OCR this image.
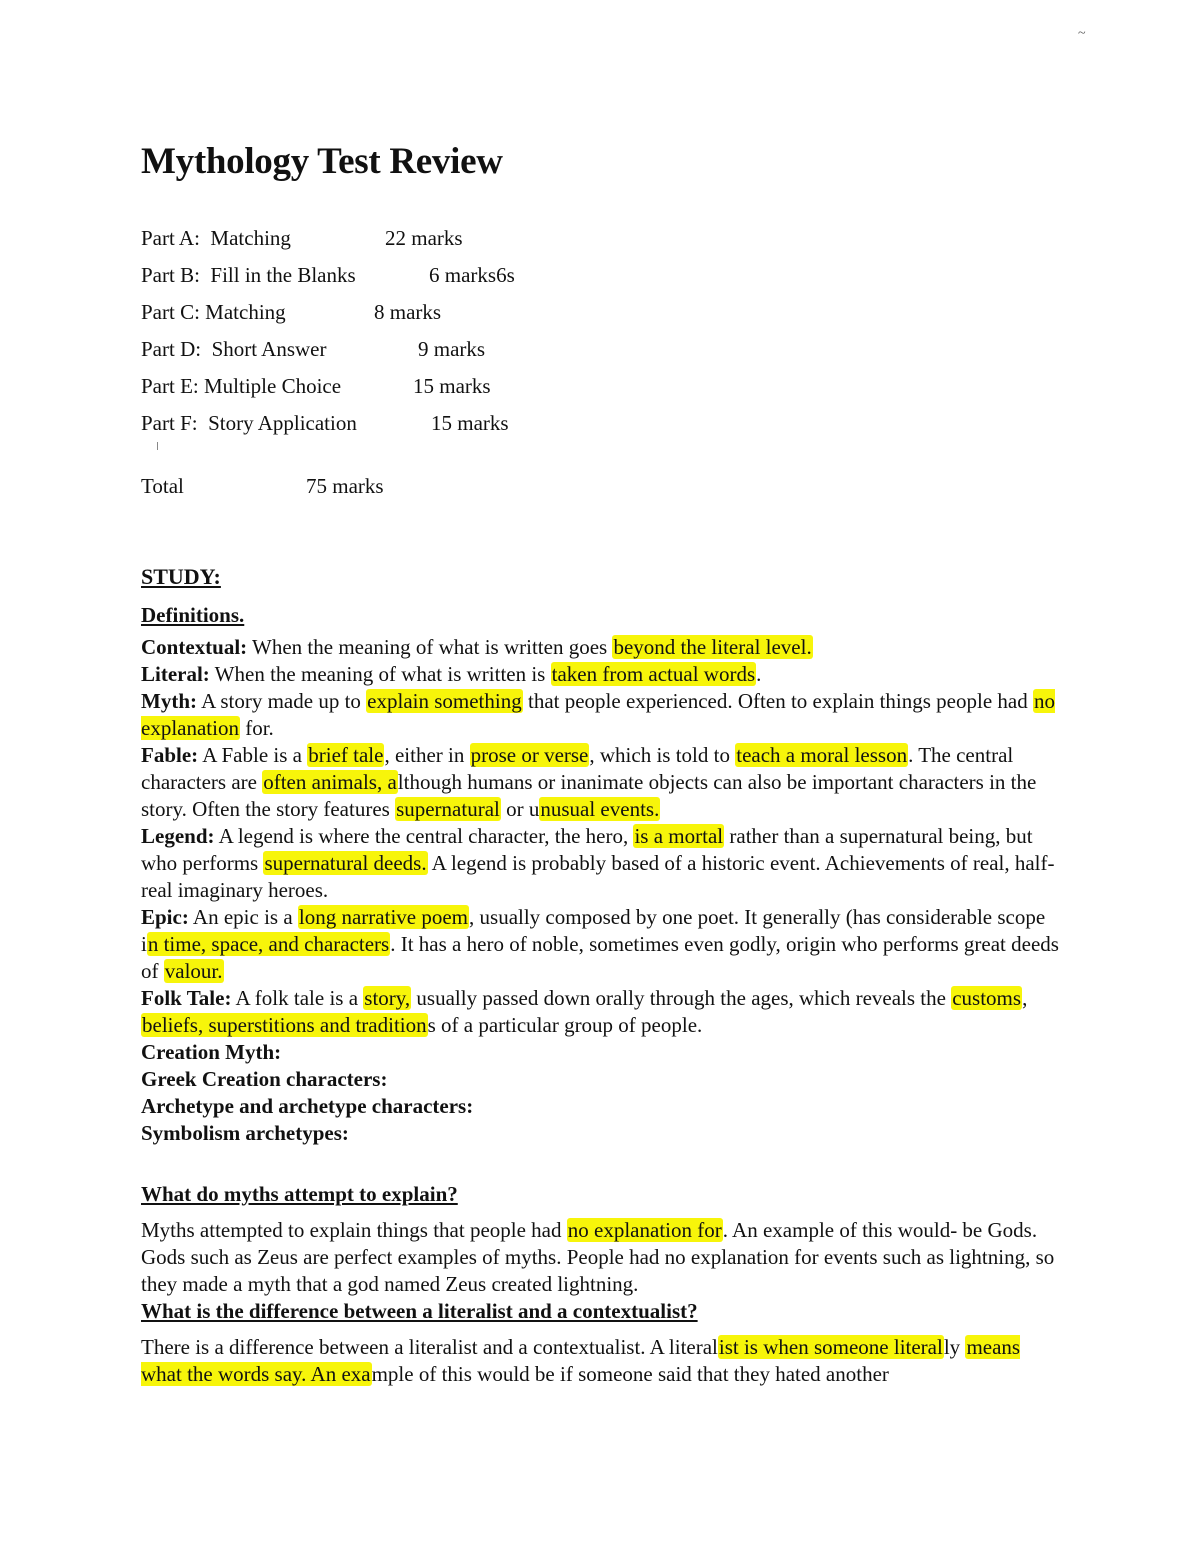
~
Mythology Test Review
Part A:  Matching	22 marks
Part B:  Fill in the Blanks	6 marks6s
Part C: Matching	8 marks
Part D:  Short Answer	9 marks
Part E: Multiple Choice	15 marks
Part F:  Story Application	15 marks
Total	75 marks
STUDY:
Definitions.

Contextual: When the meaning of what is written goes beyond the literal level.

Literal: When the meaning of what is written is taken from actual words.

Myth: A story made up to explain something that people experienced. Often to explain things people had no explanation for.

Fable: A Fable is a brief tale, either in prose or verse, which is told to teach a moral lesson. The central characters are often animals, although humans or inanimate objects can also be important characters in the story. Often the story features supernatural or unusual events.

Legend: A legend is where the central character, the hero, is a mortal rather than a supernatural being, but who performs supernatural deeds. A legend is probably based of a historic event. Achievements of real, half-real imaginary heroes.

Epic: An epic is a long narrative poem, usually composed by one poet. It generally (has considerable scope in time, space, and characters. It has a hero of noble, sometimes even godly, origin who performs great deeds of valour.

Folk Tale: A folk tale is a story, usually passed down orally through the ages, which reveals the customs, beliefs, superstitions and traditions of a particular group of people.

Creation Myth:

Greek Creation characters:

Archetype and archetype characters:

Symbolism archetypes:

What do myths attempt to explain?

Myths attempted to explain things that people had no explanation for. An example of this would- be Gods. Gods such as Zeus are perfect examples of myths. People had no explanation for events such as lightning, so they made a myth that a god named Zeus created lightning.

What is the difference between a literalist and a contextualist?

There is a difference between a literalist and a contextualist. A literalist is when someone literally means what the words say. An example of this would be if someone said that they hated another
